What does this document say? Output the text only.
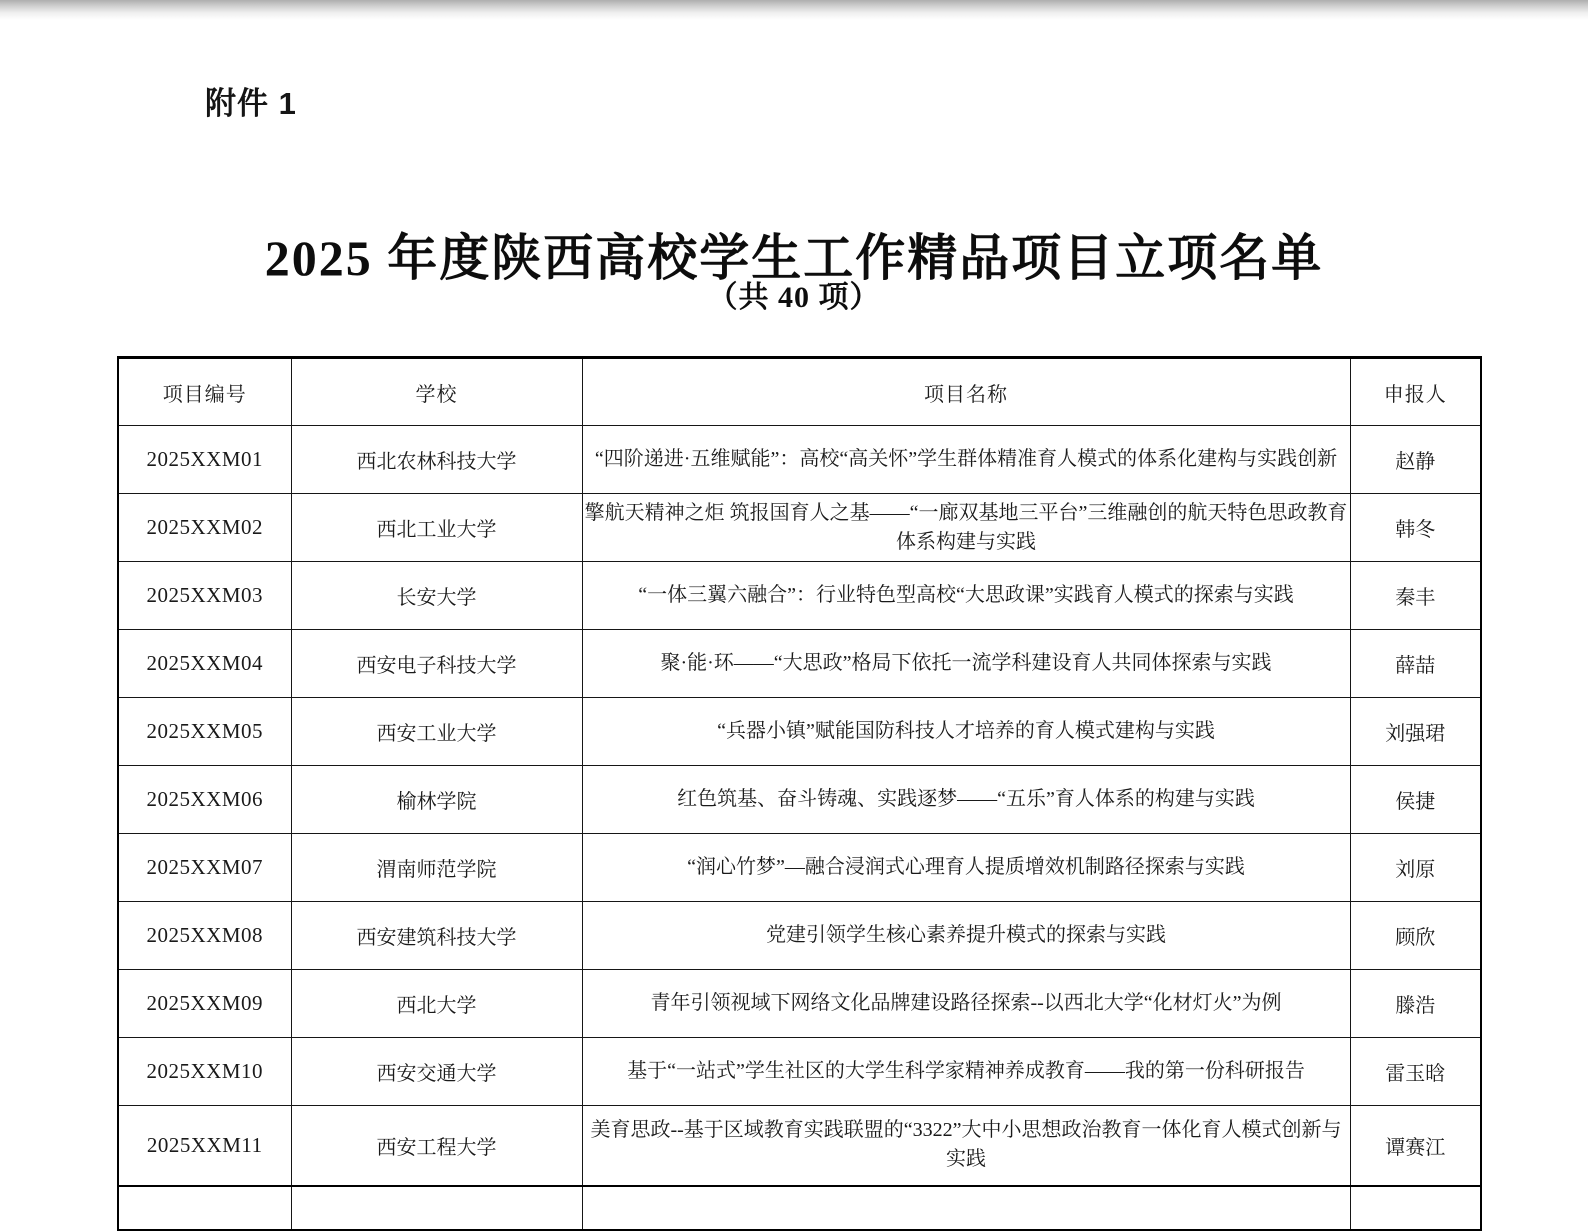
附件 1
2025 年度陕西高校学生工作精品项目立项名单
（共 40 项）
项目编号	学校	项目名称	申报人
2025XXM01	西北农林科技大学	“四阶递进·五维赋能”：高校“高关怀”学生群体精准育人模式的体系化建构与实践创新	赵静
2025XXM02	西北工业大学	擎航天精神之炬 筑报国育人之基——“一廊双基地三平台”三维融创的航天特色思政教育体系构建与实践	韩冬
2025XXM03	长安大学	“一体三翼六融合”：行业特色型高校“大思政课”实践育人模式的探索与实践	秦丰
2025XXM04	西安电子科技大学	聚·能·环——“大思政”格局下依托一流学科建设育人共同体探索与实践	薛喆
2025XXM05	西安工业大学	“兵器小镇”赋能国防科技人才培养的育人模式建构与实践	刘强珺
2025XXM06	榆林学院	红色筑基、奋斗铸魂、实践逐梦——“五乐”育人体系的构建与实践	侯捷
2025XXM07	渭南师范学院	“润心竹梦”—融合浸润式心理育人提质增效机制路径探索与实践	刘原
2025XXM08	西安建筑科技大学	党建引领学生核心素养提升模式的探索与实践	顾欣
2025XXM09	西北大学	青年引领视域下网络文化品牌建设路径探索--以西北大学“化材灯火”为例	滕浩
2025XXM10	西安交通大学	基于“一站式”学生社区的大学生科学家精神养成教育——我的第一份科研报告	雷玉晗
2025XXM11	西安工程大学	美育思政--基于区域教育实践联盟的“3322”大中小思想政治教育一体化育人模式创新与实践	谭赛江
